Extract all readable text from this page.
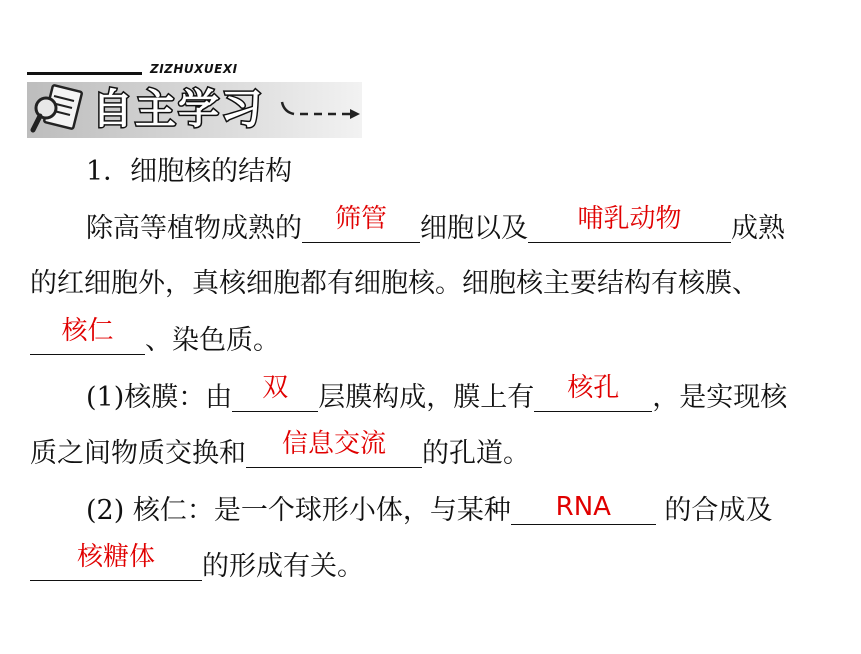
ZIZHUXUEXI
自主学习
1．细胞核的结构
除高等植物成熟的	筛管	细胞以及	哺乳动物	成熟
的红细胞外，真核细胞都有细胞核。细胞核主要结构有核膜、
核仁	、染色质。
(1)核膜：由	双	层膜构成，膜上有	核孔	，是实现核
质之间物质交换和	信息交流	的孔道。
(2) 核仁：是一个球形小体，与某种	RNA	的合成及
核糖体	的形成有关。
